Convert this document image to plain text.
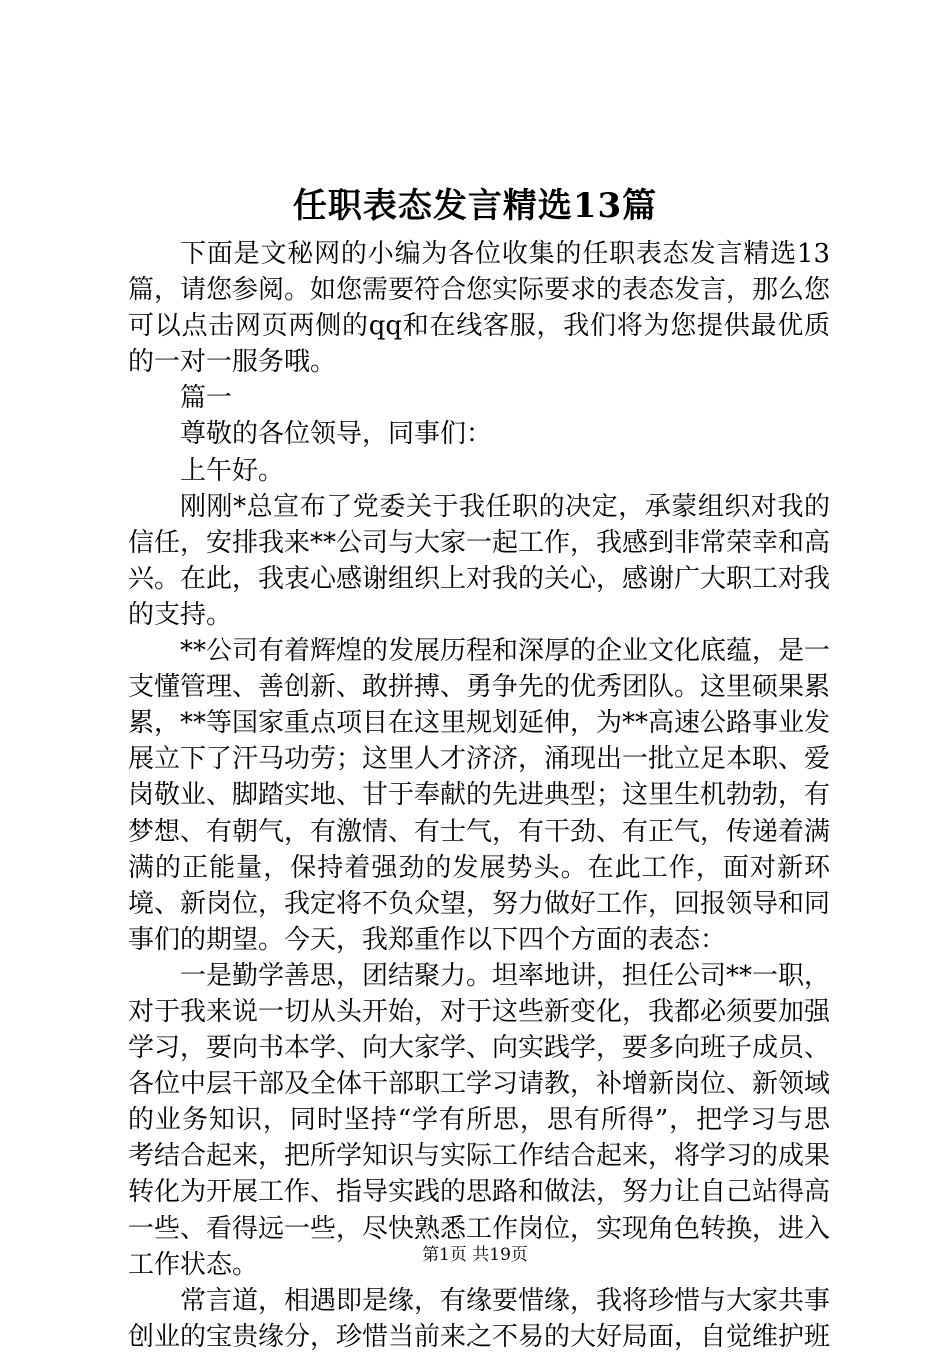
任职表态发言精选13篇

下面是文秘网的小编为各位收集的任职表态发言精选13篇，请您参阅。如您需要符合您实际要求的表态发言，那么您可以点击网页两侧的qq和在线客服，我们将为您提供最优质的一对一服务哦。

篇一

尊敬的各位领导，同事们：

上午好。

刚刚*总宣布了党委关于我任职的决定，承蒙组织对我的信任，安排我来**公司与大家一起工作，我感到非常荣幸和高兴。在此，我衷心感谢组织上对我的关心，感谢广大职工对我的支持。

**公司有着辉煌的发展历程和深厚的企业文化底蕴，是一支懂管理、善创新、敢拼搏、勇争先的优秀团队。这里硕果累累，**等国家重点项目在这里规划延伸，为**高速公路事业发展立下了汗马功劳；这里人才济济，涌现出一批立足本职、爱岗敬业、脚踏实地、甘于奉献的先进典型；这里生机勃勃，有梦想、有朝气，有激情、有士气，有干劲、有正气，传递着满满的正能量，保持着强劲的发展势头。在此工作，面对新环境、新岗位，我定将不负众望，努力做好工作，回报领导和同事们的期望。今天，我郑重作以下四个方面的表态：

一是勤学善思，团结聚力。坦率地讲，担任公司**一职，对于我来说一切从头开始，对于这些新变化，我都必须要加强学习，要向书本学、向大家学、向实践学，要多向班子成员、各位中层干部及全体干部职工学习请教，补增新岗位、新领域的业务知识，同时坚持“学有所思，思有所得”，把学习与思考结合起来，把所学知识与实际工作结合起来，将学习的成果转化为开展工作、指导实践的思路和做法，努力让自己站得高一些、看得远一些，尽快熟悉工作岗位，实现角色转换，进入工作状态。

常言道，相遇即是缘，有缘要惜缘，我将珍惜与大家共事创业的宝贵缘分，珍惜当前来之不易的大好局面，自觉维护班

第1页 共19页
